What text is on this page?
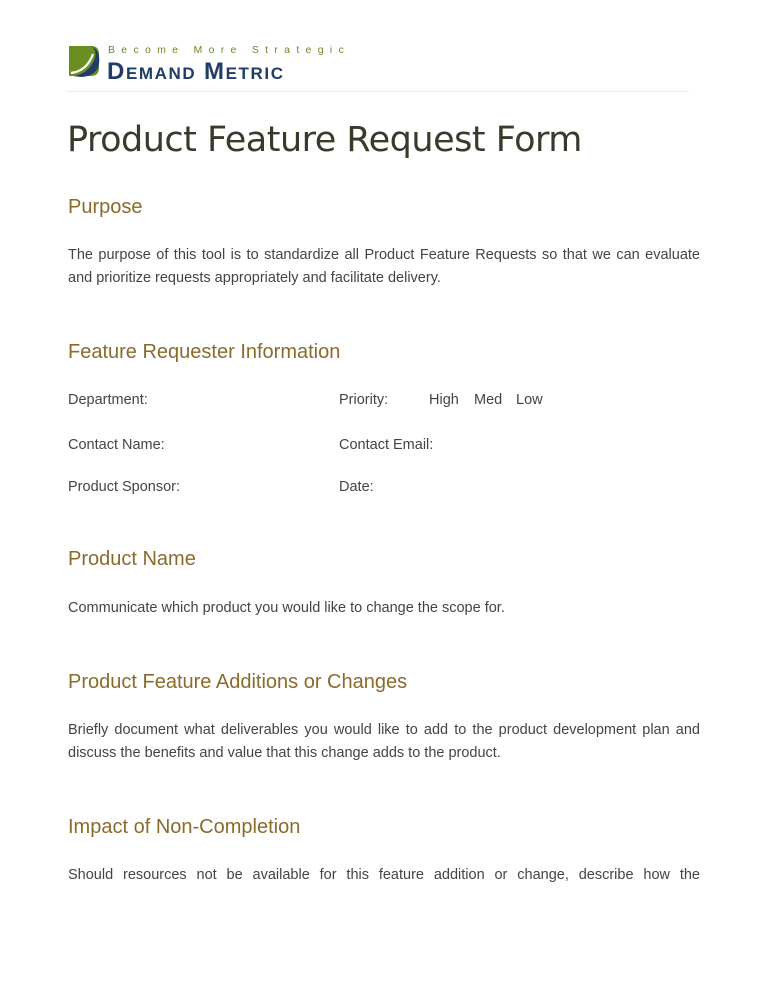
Become More Strategic
DEMAND METRIC
Product Feature Request Form
Purpose
The purpose of this tool is to standardize all Product Feature Requests so that we can evaluate and prioritize requests appropriately and facilitate delivery.
Feature Requester Information
Department:	Priority:	High Med Low
Contact Name:	Contact Email:
Product Sponsor:	Date:
Product Name
Communicate which product you would like to change the scope for.
Product Feature Additions or Changes
Briefly document what deliverables you would like to add to the product development plan and discuss the benefits and value that this change adds to the product.
Impact of Non-Completion
Should resources not be available for this feature addition or change, describe how the
